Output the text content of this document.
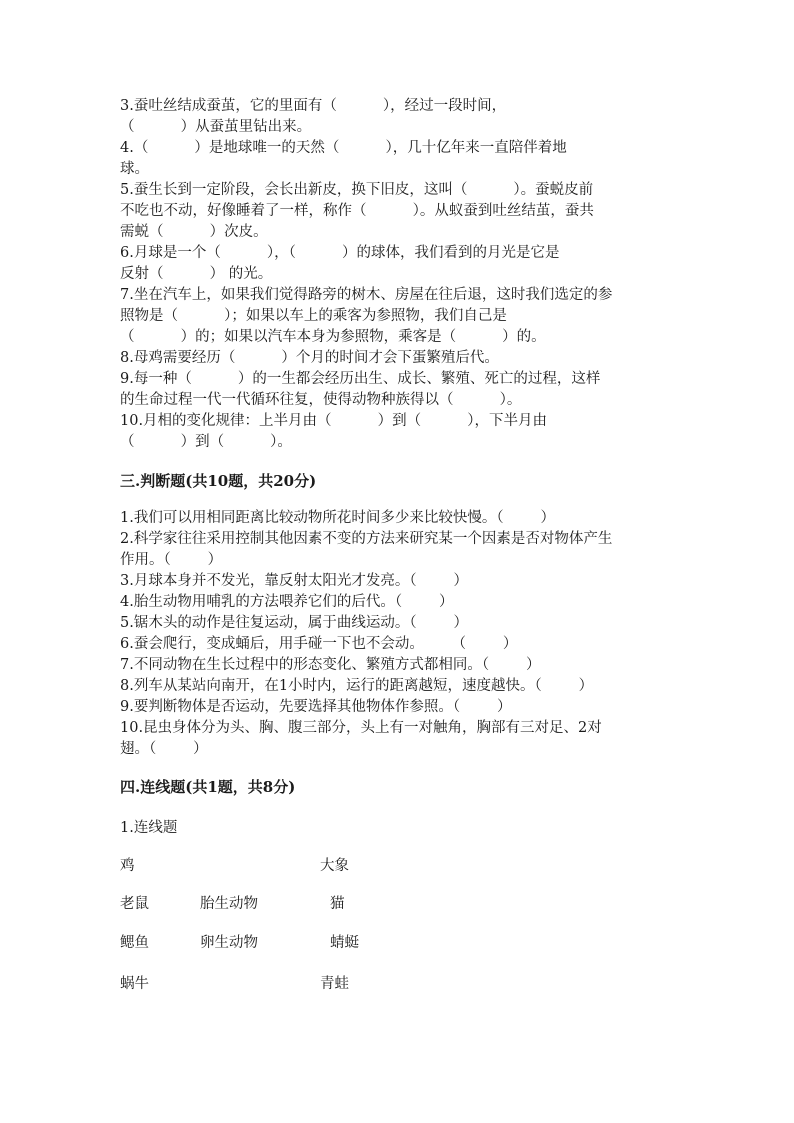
3.蚕吐丝结成蚕茧，它的里面有（          ），经过一段时间，
（          ）从蚕茧里钻出来。
4.（          ）是地球唯一的天然（          ），几十亿年来一直陪伴着地
球。
5.蚕生长到一定阶段，会长出新皮，换下旧皮，这叫（          ）。蚕蜕皮前
不吃也不动，好像睡着了一样，称作（          ）。从蚁蚕到吐丝结茧，蚕共
需蜕（          ）次皮。
6.月球是一个（          ），（          ）的球体，我们看到的月光是它是
反射（          ） 的光。
7.坐在汽车上，如果我们觉得路旁的树木、房屋在往后退，这时我们选定的参
照物是（          ）；如果以车上的乘客为参照物，我们自己是
（          ）的；如果以汽车本身为参照物，乘客是（          ）的。
8.母鸡需要经历（          ）个月的时间才会下蛋繁殖后代。
9.每一种（          ）的一生都会经历出生、成长、繁殖、死亡的过程，这样
的生命过程一代一代循环往复，使得动物种族得以（          ）。
10.月相的变化规律：上半月由（          ）到（          ），下半月由
（          ）到（          ）。
三.判断题(共10题，共20分)
1.我们可以用相同距离比较动物所花时间多少来比较快慢。（        ）
2.科学家往往采用控制其他因素不变的方法来研究某一个因素是否对物体产生
作用。（        ）
3.月球本身并不发光，靠反射太阳光才发亮。（        ）
4.胎生动物用哺乳的方法喂养它们的后代。（        ）
5.锯木头的动作是往复运动，属于曲线运动。（        ）
6.蚕会爬行，变成蛹后，用手碰一下也不会动。      （        ）
7.不同动物在生长过程中的形态变化、繁殖方式都相同。（        ）
8.列车从某站向南开，在1小时内，运行的距离越短，速度越快。（        ）
9.要判断物体是否运动，先要选择其他物体作参照。（        ）
10.昆虫身体分为头、胸、腹三部分，头上有一对触角，胸部有三对足、2对
翅。（        ）
四.连线题(共1题，共8分)
1.连线题
鸡
老鼠
鳃鱼
蜗牛
胎生动物
卵生动物
大象
猫
蜻蜓
青蛙
